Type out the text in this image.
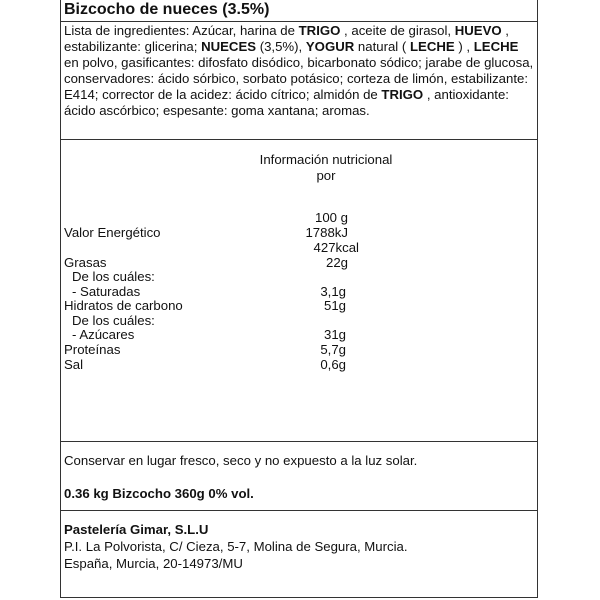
Bizcocho de nueces (3.5%)
Lista de ingredientes: Azúcar, harina de TRIGO , aceite de girasol, HUEVO , estabilizante: glicerina; NUECES (3,5%), YOGUR natural ( LECHE ) , LECHE en polvo, gasificantes: difosfato disódico, bicarbonato sódico; jarabe de glucosa, conservadores: ácido sórbico, sorbato potásico; corteza de limón, estabilizante: E414; corrector de la acidez: ácido cítrico; almidón de TRIGO , antioxidante: ácido ascórbico; espesante: goma xantana; aromas.
Información nutricional
por
100 g
Valor Energético	1788kJ
427kcal
Grasas	22g
De los cuáles:
- Saturadas	3,1g
Hidratos de carbono	51g
De los cuáles:
- Azúcares	31g
Proteínas	5,7g
Sal	0,6g
Conservar en lugar fresco, seco y no expuesto a la luz solar.
0.36 kg Bizcocho 360g 0% vol.
Pastelería Gimar, S.L.U
P.I. La Polvorista, C/ Cieza, 5-7, Molina de Segura, Murcia.
España, Murcia, 20-14973/MU
